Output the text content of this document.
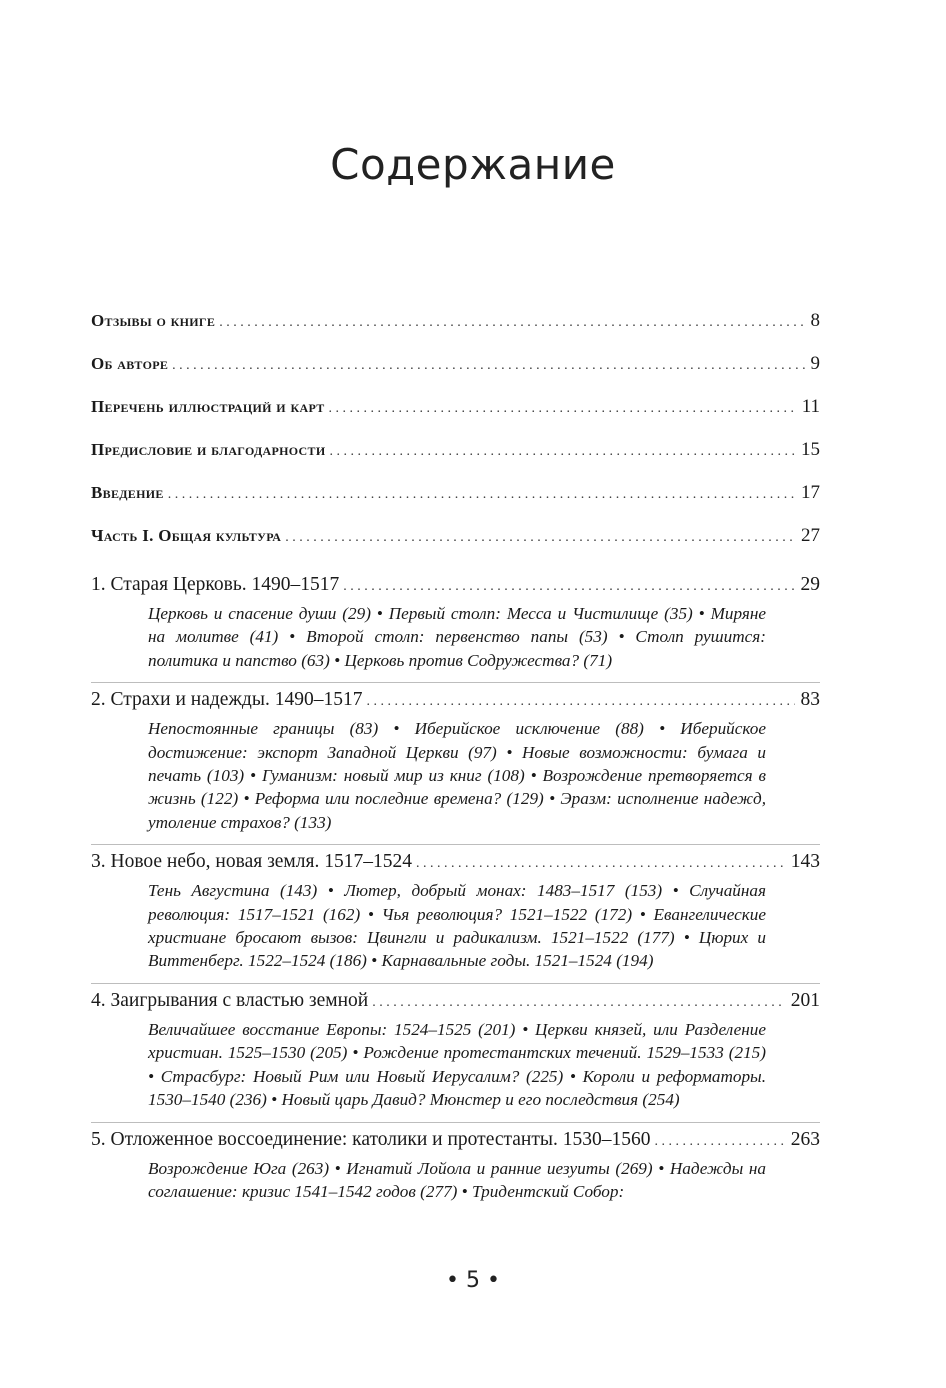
Содержание
Отзывы о книге . . .	8
Об авторе . . .	9
Перечень иллюстраций и карт . . .	11
Предисловие и благодарности . . .	15
Введение . . .	17
Часть I. Общая культура . . .	27
1. Старая Церковь. 1490–1517 . . .	29
Церковь и спасение души (29) • Первый столп: Месса и Чистилище (35) • Миряне на молитве (41) • Второй столп: первенство папы (53) • Столп рушится: политика и папство (63) • Церковь против Содружества? (71)
2. Страхи и надежды. 1490–1517 . . .	83
Непостоянные границы (83) • Иберийское исключение (88) • Иберийское достижение: экспорт Западной Церкви (97) • Новые возможности: бумага и печать (103) • Гуманизм: новый мир из книг (108) • Возрождение претворяется в жизнь (122) • Реформа или последние времена? (129) • Эразм: исполнение надежд, утоление страхов? (133)
3. Новое небо, новая земля. 1517–1524 . . .	143
Тень Августина (143) • Лютер, добрый монах: 1483–1517 (153) • Случайная революция: 1517–1521 (162) • Чья революция? 1521–1522 (172) • Евангелические христиане бросают вызов: Цвингли и радикализм. 1521–1522 (177) • Цюрих и Виттенберг. 1522–1524 (186) • Карнавальные годы. 1521–1524 (194)
4. Заигрывания с властью земной . . .	201
Величайшее восстание Европы: 1524–1525 (201) • Церкви князей, или Разделение христиан. 1525–1530 (205) • Рождение протестантских течений. 1529–1533 (215) • Страсбург: Новый Рим или Новый Иерусалим? (225) • Короли и реформаторы. 1530–1540 (236) • Новый царь Давид? Мюнстер и его последствия (254)
5. Отложенное воссоединение: католики и протестанты. 1530–1560 . . .	263
Возрождение Юга (263) • Игнатий Лойола и ранние иезуиты (269) • Надежды на соглашение: кризис 1541–1542 годов (277) • Тридентский Собор:
• 5 •
